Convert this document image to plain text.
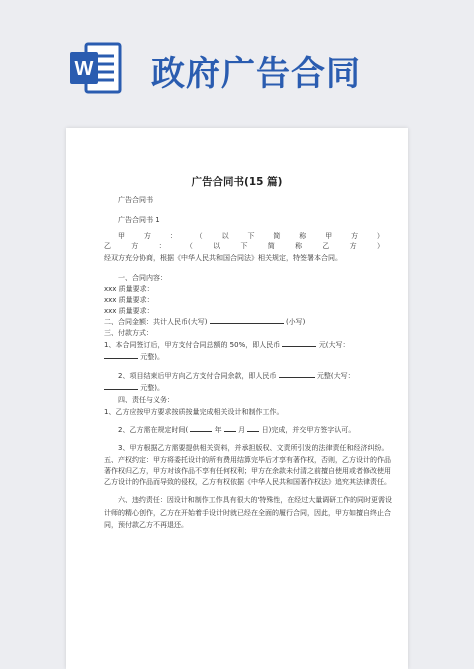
W 政府广告合同
广告合同书(15 篇)
广告合同书
广告合同书 1
甲	方	：	（	以	下	简	称	甲	方	）
乙	方	：	（	以	下	简	称	乙	方	）
经双方充分协商，根据《中华人民共和国合同法》相关规定，特签署本合同。
一、合同内容：
xxx 质量要求：
xxx 质量要求：
xxx 质量要求：
二、合同金额：共计人民币(大写)	(小写)
三、付款方式：
1、本合同签订后，甲方支付合同总额的 50%，即人民币	元(大写：
元整)。
2、项目结束后甲方向乙方支付合同余款，即人民币	元整(大写：
元整)。
四、责任与义务：
1、乙方应按甲方要求按质按量完成相关设计和制作工作。
2、乙方需在规定时间(	年 月 日)完成，并交甲方签字认可。
3、甲方根据乙方需要提供相关资料，并承担版权、文责所引发的法律责任和经济纠纷。
五、产权约定：甲方将委托设计的所有费用结算完毕后才享有著作权，否则，乙方设计的作品
著作权归乙方，甲方对该作品不享有任何权利；甲方在余款未付清之前擅自使用或者修改使用
乙方设计的作品而导致的侵权，乙方有权依据《中华人民共和国著作权法》追究其法律责任。
六、违约责任：因设计和制作工作具有很大的'特殊性，在经过大量调研工作的同时更需设
计师的精心创作，乙方在开始着手设计时就已经在全面的履行合同，因此，甲方如擅自终止合
同，预付款乙方不再退还。
